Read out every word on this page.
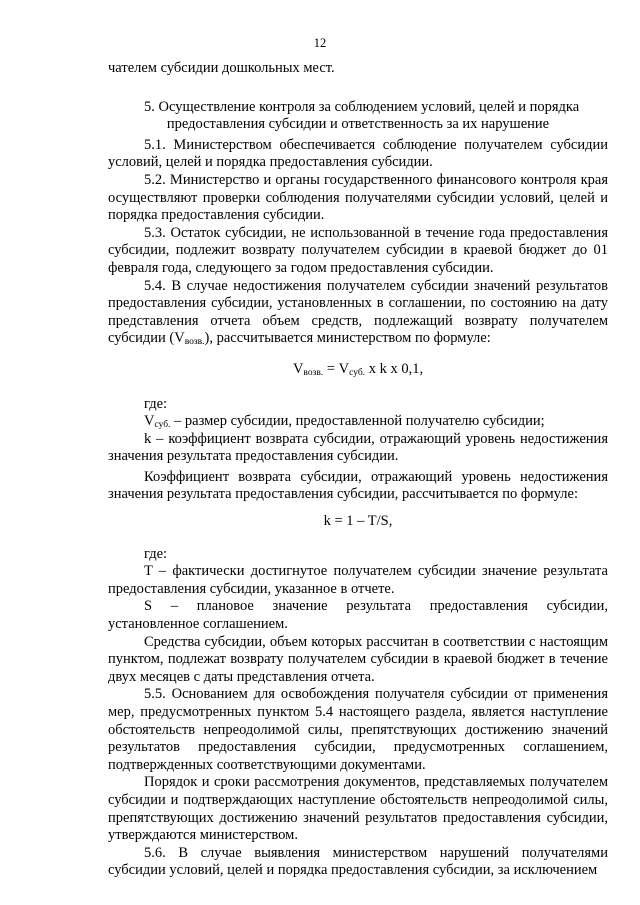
12

чателем субсидии дошкольных мест.

5. Осуществление контроля за соблюдением условий, целей и порядка

предоставления субсидии и ответственность за их нарушение

5.1. Министерством обеспечивается соблюдение получателем субсидии условий, целей и порядка предоставления субсидии.

5.2. Министерство и органы государственного финансового контроля края осуществляют проверки соблюдения получателями субсидии условий, целей и порядка предоставления субсидии.

5.3. Остаток субсидии, не использованной в течение года предоставления субсидии, подлежит возврату получателем субсидии в краевой бюджет до 01 февраля года, следующего за годом предоставления субсидии.

5.4. В случае недостижения получателем субсидии значений результатов предоставления субсидии, установленных в соглашении, по состоянию на дату представления отчета объем средств, подлежащий возврату получателем субсидии $(V_{возв.})$, рассчитывается министерством по формуле:

$V_{возв.} = V_{суб.}$ x k x 0,1,

где:

$V_{суб.}$ – размер субсидии, предоставленной получателю субсидии;

k – коэффициент возврата субсидии, отражающий уровень недостижения значения результата предоставления субсидии.

Коэффициент возврата субсидии, отражающий уровень недостижения значения результата предоставления субсидии, рассчитывается по формуле:

k = 1 – T/S,

где:

T – фактически достигнутое получателем субсидии значение результата предоставления субсидии, указанное в отчете.

S – плановое значение результата предоставления субсидии, установленное соглашением.

Средства субсидии, объем которых рассчитан в соответствии с настоящим пунктом, подлежат возврату получателем субсидии в краевой бюджет в течение двух месяцев с даты представления отчета.

5.5. Основанием для освобождения получателя субсидии от применения мер, предусмотренных пунктом 5.4 настоящего раздела, является наступление обстоятельств непреодолимой силы, препятствующих достижению значений результатов предоставления субсидии, предусмотренных соглашением, подтвержденных соответствующими документами.

Порядок и сроки рассмотрения документов, представляемых получателем субсидии и подтверждающих наступление обстоятельств непреодолимой силы, препятствующих достижению значений результатов предоставления субсидии, утверждаются министерством.

5.6. В случае выявления министерством нарушений получателями субсидии условий, целей и порядка предоставления субсидии, за исключением
